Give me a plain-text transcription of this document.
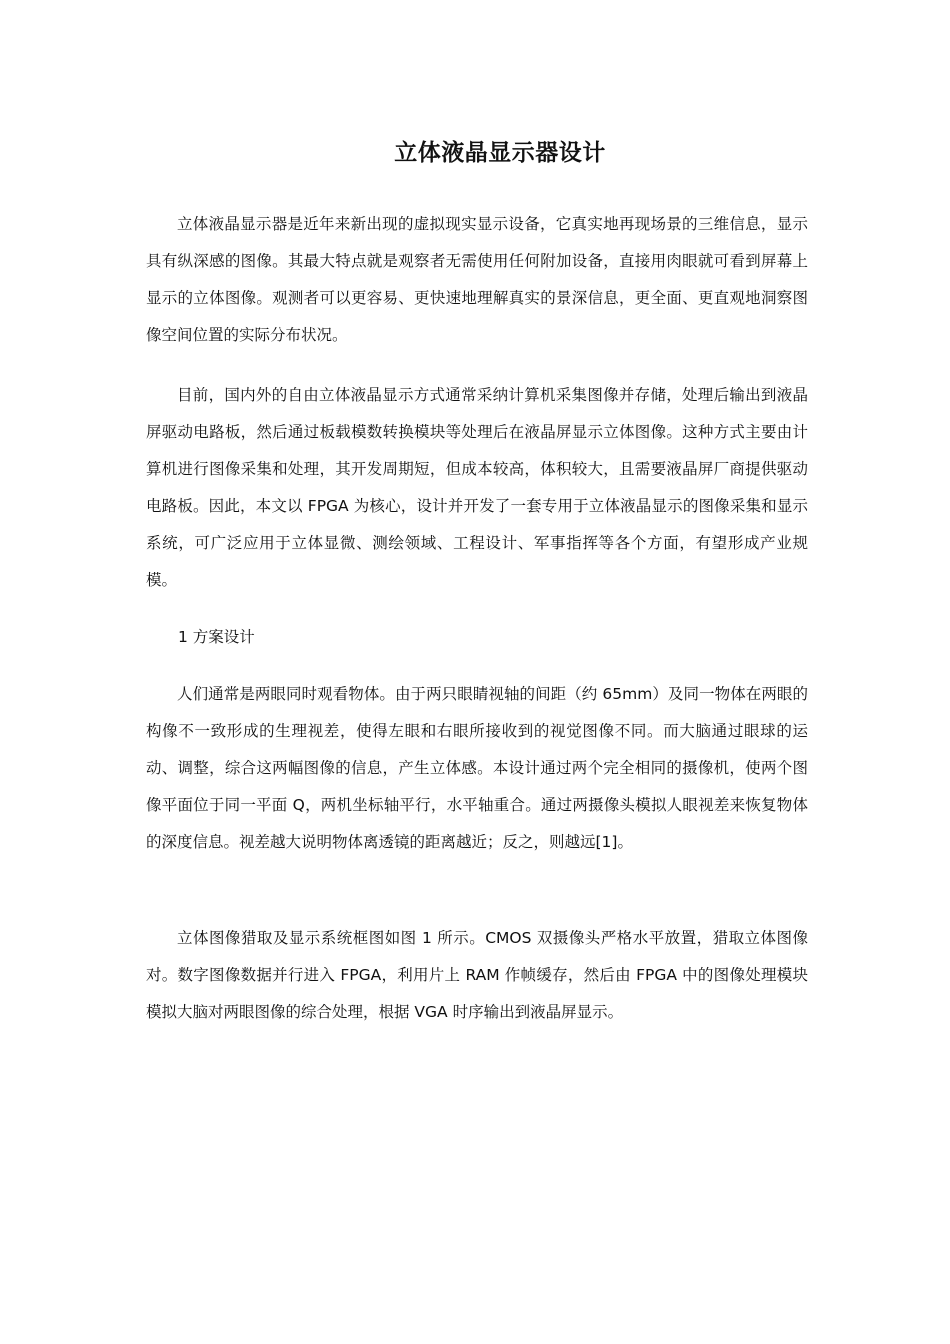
立体液晶显示器设计

立体液晶显示器是近年来新出现的虚拟现实显示设备，它真实地再现场景的三维信息，显示具有纵深感的图像。其最大特点就是观察者无需使用任何附加设备，直接用肉眼就可看到屏幕上显示的立体图像。观测者可以更容易、更快速地理解真实的景深信息，更全面、更直观地洞察图像空间位置的实际分布状况。

目前，国内外的自由立体液晶显示方式通常采纳计算机采集图像并存储，处理后输出到液晶屏驱动电路板，然后通过板载模数转换模块等处理后在液晶屏显示立体图像。这种方式主要由计算机进行图像采集和处理，其开发周期短，但成本较高，体积较大，且需要液晶屏厂商提供驱动电路板。因此，本文以 FPGA 为核心，设计并开发了一套专用于立体液晶显示的图像采集和显示系统，可广泛应用于立体显微、测绘领域、工程设计、军事指挥等各个方面，有望形成产业规模。

1 方案设计

人们通常是两眼同时观看物体。由于两只眼睛视轴的间距（约 65mm）及同一物体在两眼的构像不一致形成的生理视差，使得左眼和右眼所接收到的视觉图像不同。而大脑通过眼球的运动、调整，综合这两幅图像的信息，产生立体感。本设计通过两个完全相同的摄像机，使两个图像平面位于同一平面 Q，两机坐标轴平行，水平轴重合。通过两摄像头模拟人眼视差来恢复物体的深度信息。视差越大说明物体离透镜的距离越近；反之，则越远[1]。

立体图像猎取及显示系统框图如图 1 所示。CMOS 双摄像头严格水平放置，猎取立体图像对。数字图像数据并行进入 FPGA，利用片上 RAM 作帧缓存，然后由 FPGA 中的图像处理模块模拟大脑对两眼图像的综合处理，根据 VGA 时序输出到液晶屏显示。
